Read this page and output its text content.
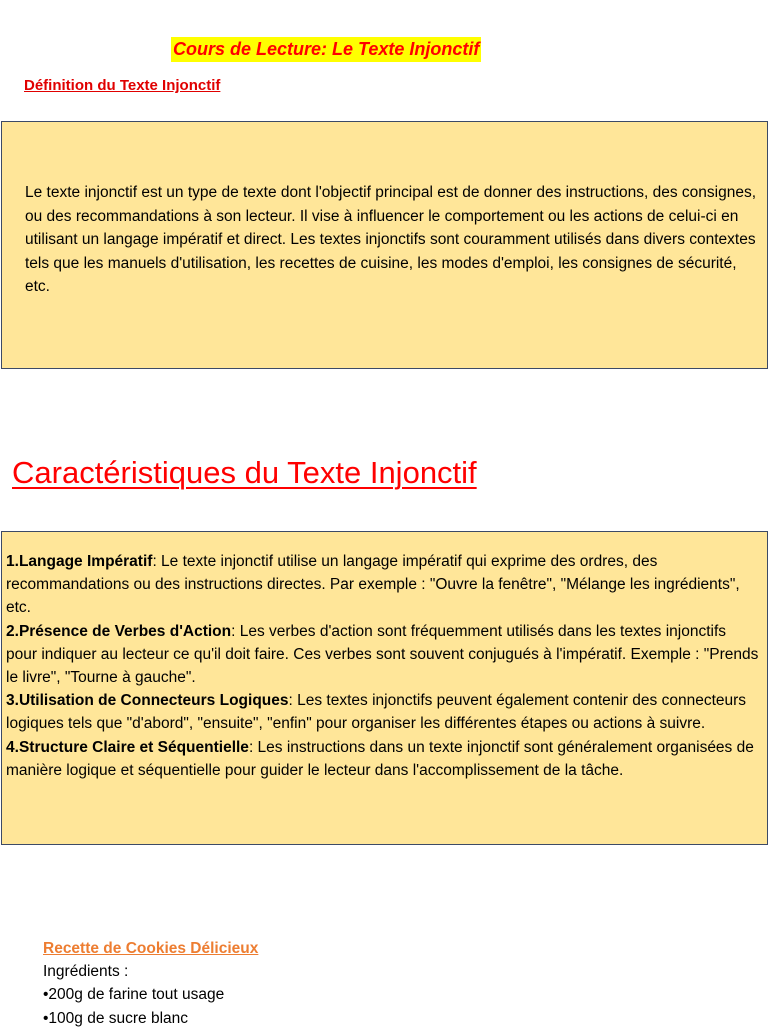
Cours de Lecture: Le Texte Injonctif
Définition du Texte Injonctif
Le texte injonctif est un type de texte dont l'objectif principal est de donner des instructions, des consignes, ou des recommandations à son lecteur. Il vise à influencer le comportement ou les actions de celui-ci en utilisant un langage impératif et direct. Les textes injonctifs sont couramment utilisés dans divers contextes tels que les manuels d'utilisation, les recettes de cuisine, les modes d'emploi, les consignes de sécurité, etc.
Caractéristiques du Texte Injonctif
1.Langage Impératif: Le texte injonctif utilise un langage impératif qui exprime des ordres, des recommandations ou des instructions directes. Par exemple : "Ouvre la fenêtre", "Mélange les ingrédients", etc.
2.Présence de Verbes d'Action: Les verbes d'action sont fréquemment utilisés dans les textes injonctifs pour indiquer au lecteur ce qu'il doit faire. Ces verbes sont souvent conjugués à l'impératif. Exemple : "Prends le livre", "Tourne à gauche".
3.Utilisation de Connecteurs Logiques: Les textes injonctifs peuvent également contenir des connecteurs logiques tels que "d'abord", "ensuite", "enfin" pour organiser les différentes étapes ou actions à suivre.
4.Structure Claire et Séquentielle: Les instructions dans un texte injonctif sont généralement organisées de manière logique et séquentielle pour guider le lecteur dans l'accomplissement de la tâche.
Recette de Cookies Délicieux
Ingrédients :
•200g de farine tout usage
•100g de sucre blanc
